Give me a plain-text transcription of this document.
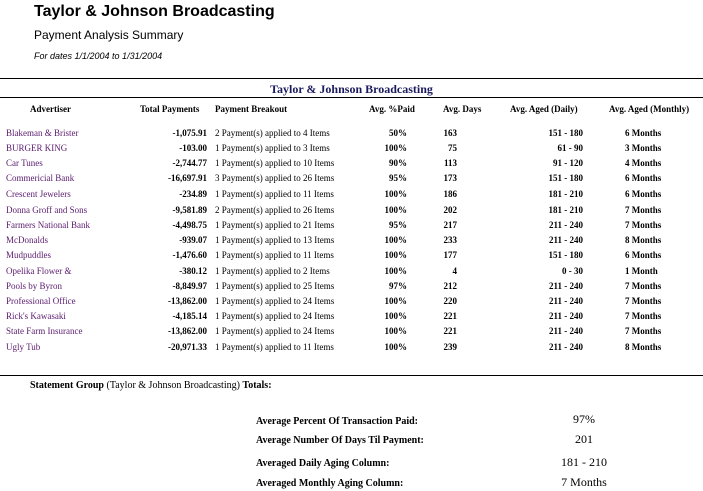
Taylor & Johnson Broadcasting
Payment Analysis Summary
For dates 1/1/2004 to 1/31/2004
Taylor & Johnson Broadcasting
Advertiser	Total Payments Payment Breakout	Avg. %Paid	Avg. Days	Avg. Aged (Daily)	Avg. Aged (Monthly)
Blakeman & Brister	-1,075.91 2 Payment(s) applied to 4 Items	50%	163	151 - 180	6 Months
BURGER KING	-103.00 1 Payment(s) applied to 3 Items	100%	75	61 - 90	3 Months
Car Tunes	-2,744.77 1 Payment(s) applied to 10 Items	90%	113	91 - 120	4 Months
Commericial Bank	-16,697.91 3 Payment(s) applied to 26 Items	95%	173	151 - 180	6 Months
Crescent Jewelers	-234.89 1 Payment(s) applied to 11 Items	100%	186	181 - 210	6 Months
Donna Groff and Sons	-9,581.89 2 Payment(s) applied to 26 Items	100%	202	181 - 210	7 Months
Farmers National Bank	-4,498.75 1 Payment(s) applied to 21 Items	95%	217	211 - 240	7 Months
McDonalds	-939.07 1 Payment(s) applied to 13 Items	100%	233	211 - 240	8 Months
Mudpuddles	-1,476.60 1 Payment(s) applied to 11 Items	100%	177	151 - 180	6 Months
Opelika Flower &	-380.12 1 Payment(s) applied to 2 Items	100%	4	0 - 30	1 Month
Pools by Byron	-8,849.97 1 Payment(s) applied to 25 Items	97%	212	211 - 240	7 Months
Professional Office	-13,862.00 1 Payment(s) applied to 24 Items	100%	220	211 - 240	7 Months
Rick's Kawasaki	-4,185.14 1 Payment(s) applied to 24 Items	100%	221	211 - 240	7 Months
State Farm Insurance	-13,862.00 1 Payment(s) applied to 24 Items	100%	221	211 - 240	7 Months
Ugly Tub	-20,971.33 1 Payment(s) applied to 11 Items	100%	239	211 - 240	8 Months
Statement Group (Taylor & Johnson Broadcasting) Totals:
Average Percent Of Transaction Paid:	97%
Average Number Of Days Til Payment:	201
Averaged Daily Aging Column:	181 - 210
Averaged Monthly Aging Column:	7 Months
